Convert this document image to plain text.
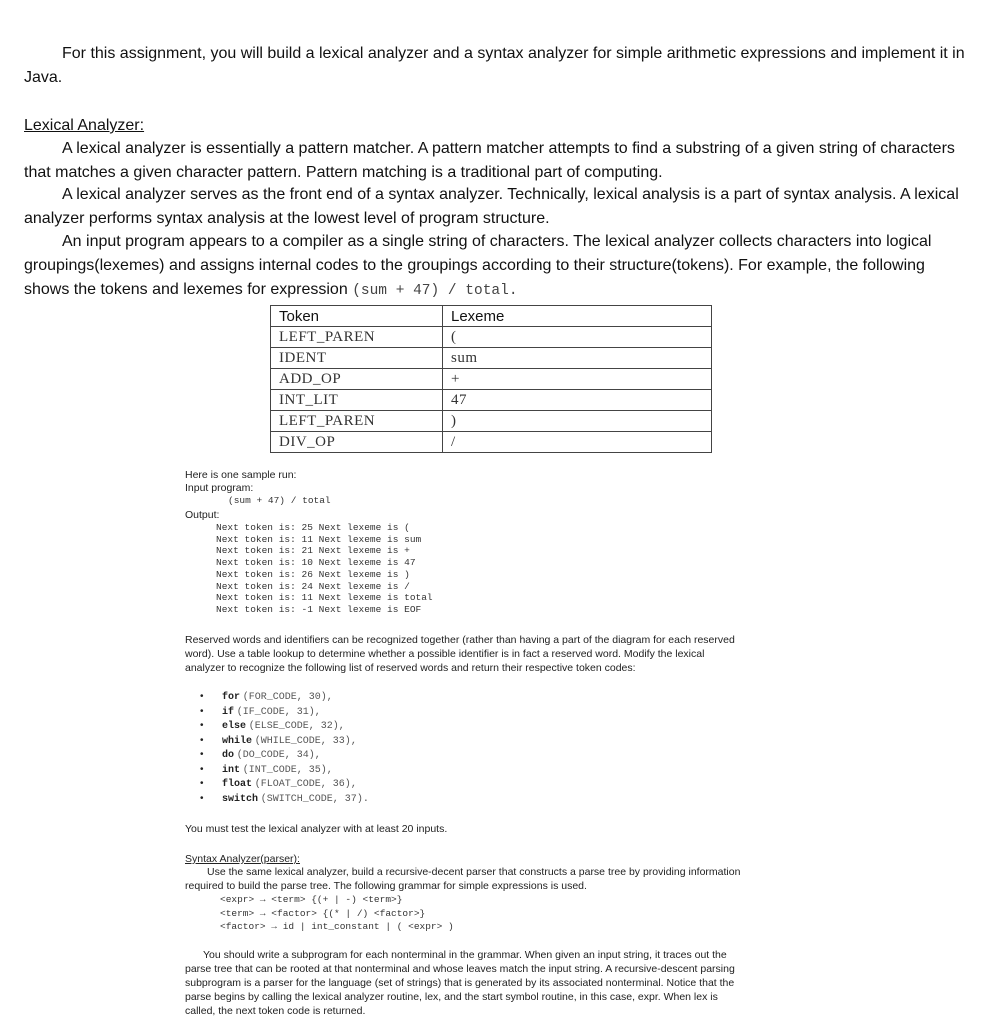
For this assignment, you will build a lexical analyzer and a syntax analyzer for simple arithmetic expressions and implement it in Java.
Lexical Analyzer:
A lexical analyzer is essentially a pattern matcher. A pattern matcher attempts to find a substring of a given string of characters that matches a given character pattern. Pattern matching is a traditional part of computing.
A lexical analyzer serves as the front end of a syntax analyzer. Technically, lexical analysis is a part of syntax analysis. A lexical analyzer performs syntax analysis at the lowest level of program structure.
An input program appears to a compiler as a single string of characters. The lexical analyzer collects characters into logical groupings(lexemes) and assigns internal codes to the groupings according to their structure(tokens). For example, the following shows the tokens and lexemes for expression (sum + 47) / total.
Token	Lexeme
LEFT_PAREN	(
IDENT	sum
ADD_OP	+
INT_LIT	47
LEFT_PAREN	)
DIV_OP	/
Here is one sample run:
Input program:
(sum + 47) / total
Output:
Next token is: 25 Next lexeme is (
Next token is: 11 Next lexeme is sum
Next token is: 21 Next lexeme is +
Next token is: 10 Next lexeme is 47
Next token is: 26 Next lexeme is )
Next token is: 24 Next lexeme is /
Next token is: 11 Next lexeme is total
Next token is: -1 Next lexeme is EOF
Reserved words and identifiers can be recognized together (rather than having a part of the diagram for each reserved word). Use a table lookup to determine whether a possible identifier is in fact a reserved word. Modify the lexical analyzer to recognize the following list of reserved words and return their respective token codes:
• for (FOR_CODE, 30),
• if (IF_CODE, 31),
• else (ELSE_CODE, 32),
• while (WHILE_CODE, 33),
• do (DO_CODE, 34),
• int (INT_CODE, 35),
• float (FLOAT_CODE, 36),
• switch (SWITCH_CODE, 37).
You must test the lexical analyzer with at least 20 inputs.
Syntax Analyzer(parser):
Use the same lexical analyzer, build a recursive-decent parser that constructs a parse tree by providing information required to build the parse tree. The following grammar for simple expressions is used.
<expr> → <term> {(+ | -) <term>}
<term> → <factor> {(* | /) <factor>}
<factor> → id | int_constant | ( <expr> )
You should write a subprogram for each nonterminal in the grammar. When given an input string, it traces out the parse tree that can be rooted at that nonterminal and whose leaves match the input string. A recursive-descent parsing subprogram is a parser for the language (set of strings) that is generated by its associated nonterminal. Notice that the parse begins by calling the lexical analyzer routine, lex, and the start symbol routine, in this case, expr. When lex is called, the next token code is returned.
